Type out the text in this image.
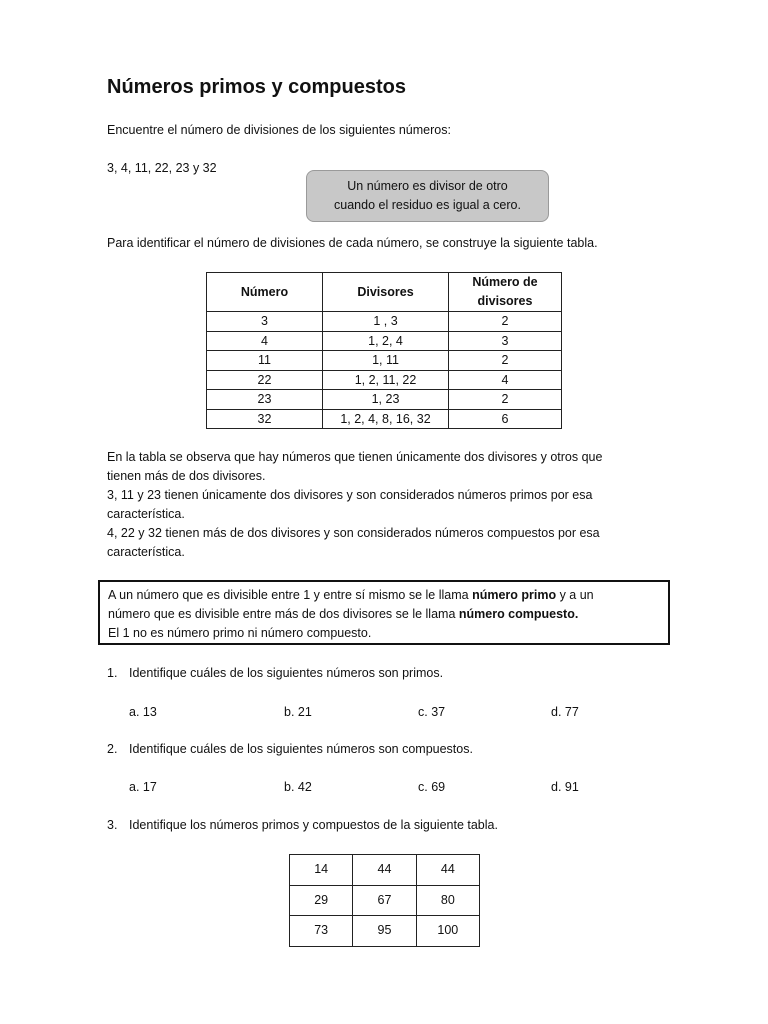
Números primos y compuestos
Encuentre el número de divisiones de los siguientes números:
3, 4, 11, 22, 23 y 32
Un número es divisor de otro
cuando el residuo es igual a cero.
Para identificar el número de divisiones de cada número, se construye la siguiente tabla.
Número	Divisores	Número de divisores
3	1 , 3	2
4	1, 2, 4	3
11	1, 11	2
22	1, 2, 11, 22	4
23	1, 23	2
32	1, 2, 4, 8, 16, 32	6
En la tabla se observa que hay números que tienen únicamente dos divisores y otros que
tienen más de dos divisores.
3, 11 y 23 tienen únicamente dos divisores y son considerados números primos por esa
característica.
4, 22 y 32 tienen más de dos divisores y son considerados números compuestos por esa
característica.
A un número que es divisible entre 1 y entre sí mismo se le llama número primo y a un
número que es divisible entre más de dos divisores se le llama número compuesto.
El 1 no es número primo ni número compuesto.
1. Identifique cuáles de los siguientes números son primos.
a. 13	b. 21	c. 37	d. 77
2. Identifique cuáles de los siguientes números son compuestos.
a. 17	b. 42	c. 69	d. 91
3. Identifique los números primos y compuestos de la siguiente tabla.
14	44	44
29	67	80
73	95	100
